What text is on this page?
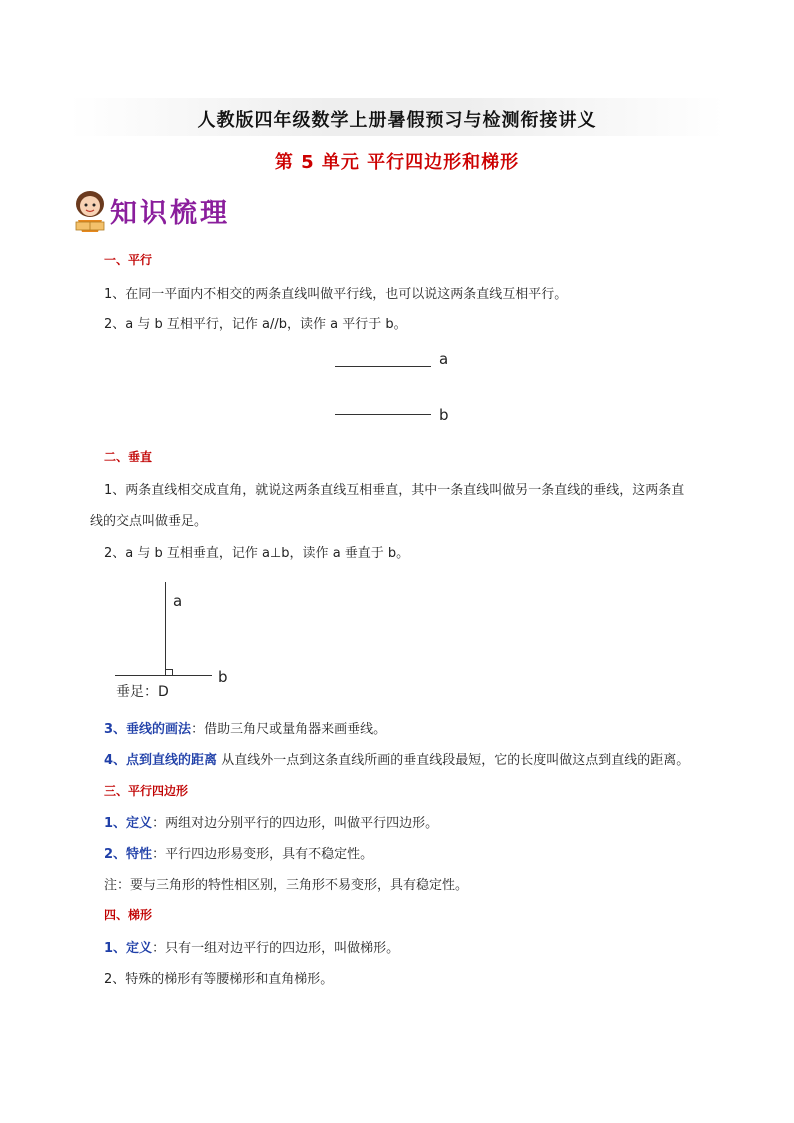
人教版四年级数学上册暑假预习与检测衔接讲义
第 5 单元 平行四边形和梯形
知识梳理
一、平行
1、在同一平面内不相交的两条直线叫做平行线，也可以说这两条直线互相平行。
2、a 与 b 互相平行，记作 a//b，读作 a 平行于 b。
a
b
二、垂直
1、两条直线相交成直角，就说这两条直线互相垂直，其中一条直线叫做另一条直线的垂线，这两条直
线的交点叫做垂足。
2、a 与 b 互相垂直，记作 a⊥b，读作 a 垂直于 b。
a
b
垂足：D
3、垂线的画法：借助三角尺或量角器来画垂线。
4、点到直线的距离 从直线外一点到这条直线所画的垂直线段最短，它的长度叫做这点到直线的距离。
三、平行四边形
1、定义：两组对边分别平行的四边形，叫做平行四边形。
2、特性：平行四边形易变形，具有不稳定性。
注：要与三角形的特性相区别，三角形不易变形，具有稳定性。
四、梯形
1、定义：只有一组对边平行的四边形，叫做梯形。
2、特殊的梯形有等腰梯形和直角梯形。
